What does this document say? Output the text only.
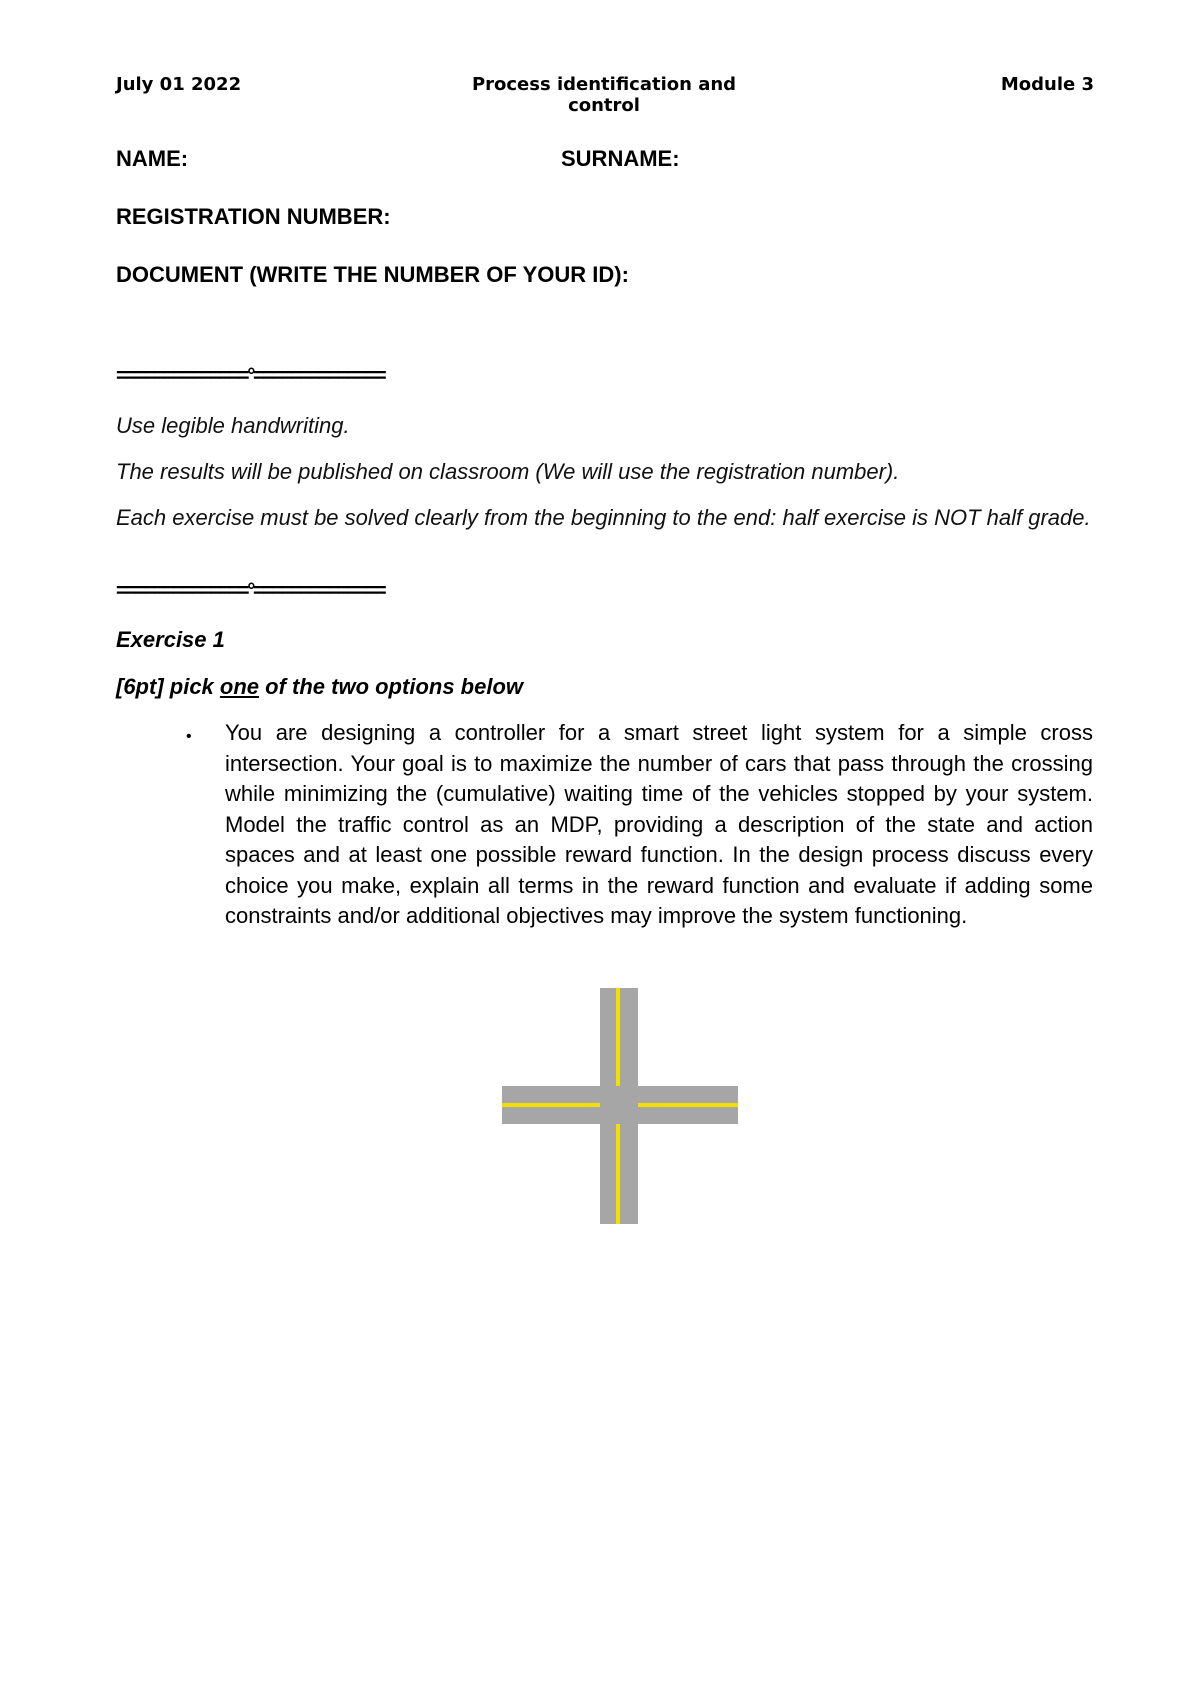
July 01 2022	Process identification and control
Module 3
NAME:	SURNAME:
REGISTRATION NUMBER:
DOCUMENT (WRITE THE NUMBER OF YOUR ID):
==============°==============
Use legible handwriting.
The results will be published on classroom (We will use the registration number).
Each exercise must be solved clearly from the beginning to the end: half exercise is NOT half grade.
==============°==============
Exercise 1
[6pt] pick one of the two options below
• You are designing a controller for a smart street light system for a simple cross intersection. Your goal is to maximize the number of cars that pass through the crossing while minimizing the (cumulative) waiting time of the vehicles stopped by your system. Model the traffic control as an MDP, providing a description of the state and action spaces and at least one possible reward function. In the design process discuss every choice you make, explain all terms in the reward function and evaluate if adding some constraints and/or additional objectives may improve the system functioning.
